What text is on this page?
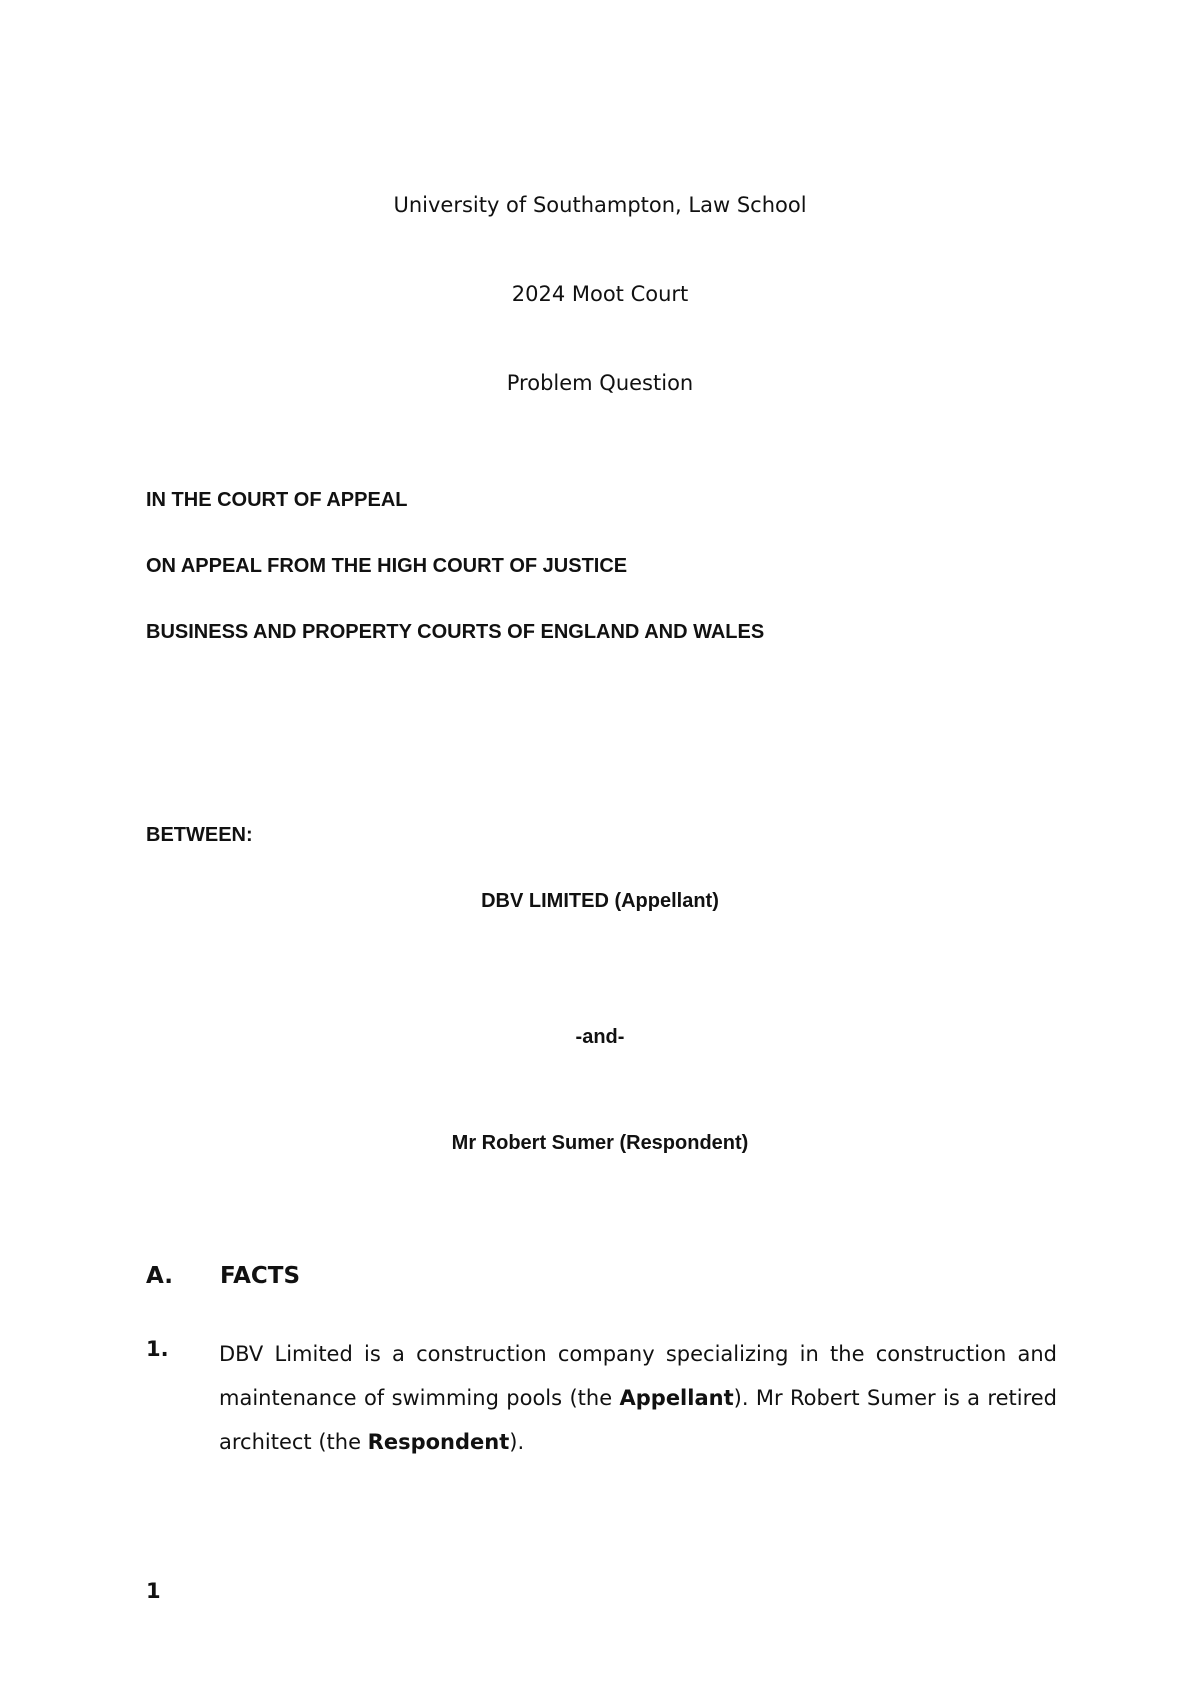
University of Southampton, Law School
2024 Moot Court
Problem Question
IN THE COURT OF APPEAL
ON APPEAL FROM THE HIGH COURT OF JUSTICE
BUSINESS AND PROPERTY COURTS OF ENGLAND AND WALES
BETWEEN:
DBV LIMITED (Appellant)
-and-
Mr Robert Sumer (Respondent)
A. FACTS
1. DBV Limited is a construction company specializing in the construction and maintenance of swimming pools (the Appellant). Mr Robert Sumer is a retired architect (the Respondent).
1
